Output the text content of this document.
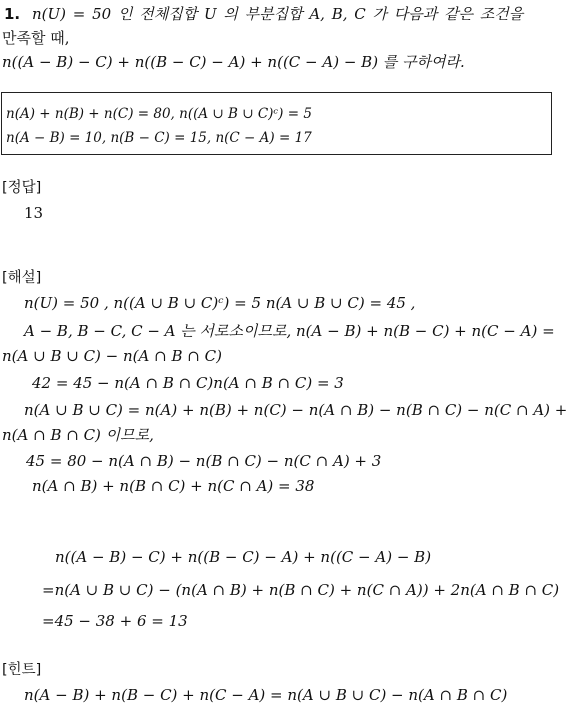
1. n(U) = 50 인 전체집합 U 의 부분집합 A, B, C 가 다음과 같은 조건을
만족할 때,
n((A − B) − C) + n((B − C) − A) + n((C − A) − B) 를 구하여라.
n(A) + n(B) + n(C) = 80, n((A ∪ B ∪ C)ᶜ) = 5
n(A − B) = 10, n(B − C) = 15, n(C − A) = 17
[정답]
13
[해설]
n(U) = 50 , n((A ∪ B ∪ C)ᶜ) = 5 n(A ∪ B ∪ C) = 45 ,
A − B, B − C, C − A 는 서로소이므로, n(A − B) + n(B − C) + n(C − A) =
n(A ∪ B ∪ C) − n(A ∩ B ∩ C)
42 = 45 − n(A ∩ B ∩ C)n(A ∩ B ∩ C) = 3
n(A ∪ B ∪ C) = n(A) + n(B) + n(C) − n(A ∩ B) − n(B ∩ C) − n(C ∩ A) +
n(A ∩ B ∩ C) 이므로,
45 = 80 − n(A ∩ B) − n(B ∩ C) − n(C ∩ A) + 3
n(A ∩ B) + n(B ∩ C) + n(C ∩ A) = 38
n((A − B) − C) + n((B − C) − A) + n((C − A) − B)
=n(A ∪ B ∪ C) − (n(A ∩ B) + n(B ∩ C) + n(C ∩ A)) + 2n(A ∩ B ∩ C)
=45 − 38 + 6 = 13
[힌트]
n(A − B) + n(B − C) + n(C − A) = n(A ∪ B ∪ C) − n(A ∩ B ∩ C)
